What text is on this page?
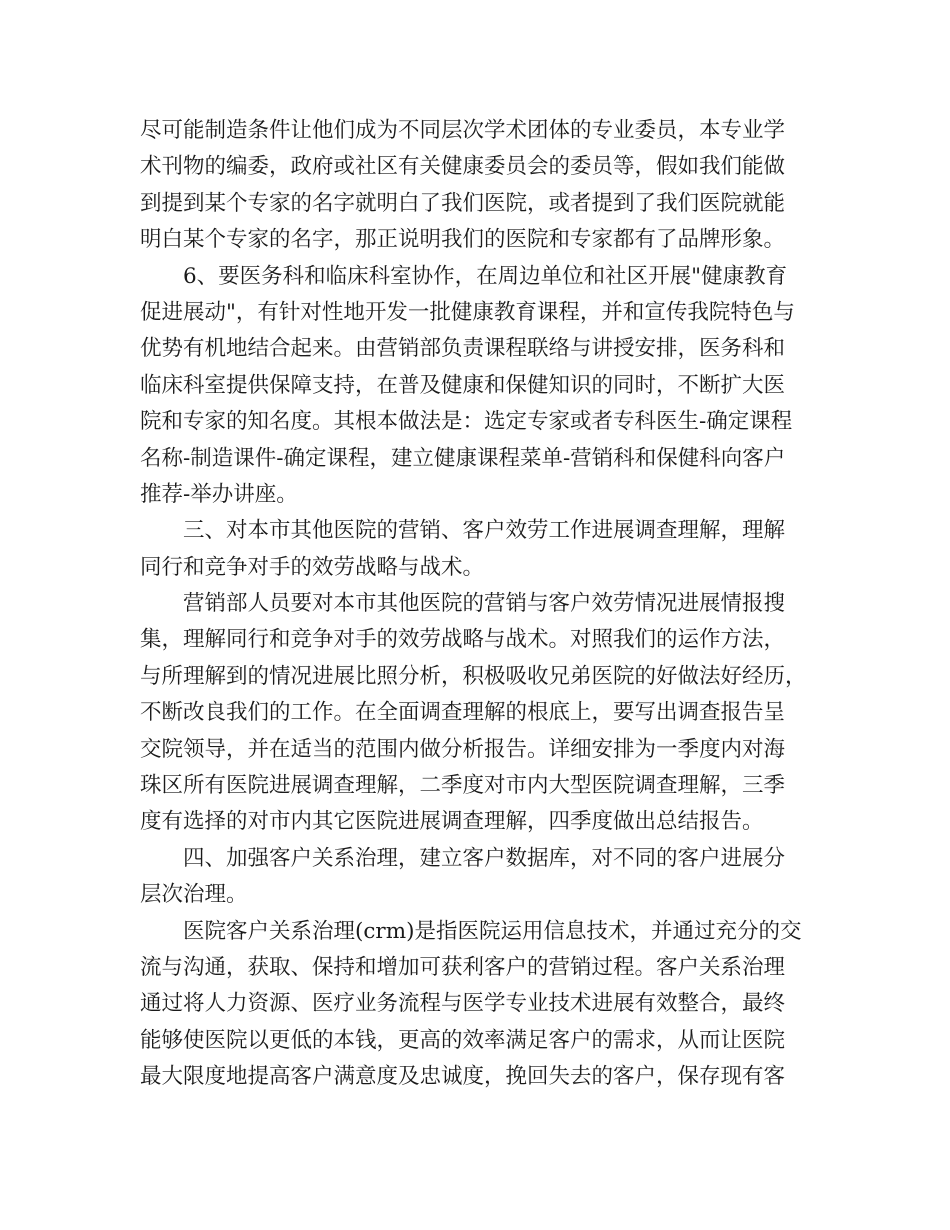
尽可能制造条件让他们成为不同层次学术团体的专业委员，本专业学
术刊物的编委，政府或社区有关健康委员会的委员等，假如我们能做
到提到某个专家的名字就明白了我们医院，或者提到了我们医院就能
明白某个专家的名字，那正说明我们的医院和专家都有了品牌形象。
6、要医务科和临床科室协作，在周边单位和社区开展"健康教育
促进展动"，有针对性地开发一批健康教育课程，并和宣传我院特色与
优势有机地结合起来。由营销部负责课程联络与讲授安排，医务科和
临床科室提供保障支持，在普及健康和保健知识的同时，不断扩大医
院和专家的知名度。其根本做法是：选定专家或者专科医生-确定课程
名称-制造课件-确定课程，建立健康课程菜单-营销科和保健科向客户
推荐-举办讲座。
三、对本市其他医院的营销、客户效劳工作进展调查理解，理解
同行和竞争对手的效劳战略与战术。
营销部人员要对本市其他医院的营销与客户效劳情况进展情报搜
集，理解同行和竞争对手的效劳战略与战术。对照我们的运作方法，
与所理解到的情况进展比照分析，积极吸收兄弟医院的好做法好经历，
不断改良我们的工作。在全面调查理解的根底上，要写出调查报告呈
交院领导，并在适当的范围内做分析报告。详细安排为一季度内对海
珠区所有医院进展调查理解，二季度对市内大型医院调查理解，三季
度有选择的对市内其它医院进展调查理解，四季度做出总结报告。
四、加强客户关系治理，建立客户数据库，对不同的客户进展分
层次治理。
医院客户关系治理(crm)是指医院运用信息技术，并通过充分的交
流与沟通，获取、保持和增加可获利客户的营销过程。客户关系治理
通过将人力资源、医疗业务流程与医学专业技术进展有效整合，最终
能够使医院以更低的本钱，更高的效率满足客户的需求，从而让医院
最大限度地提高客户满意度及忠诚度，挽回失去的客户，保存现有客
